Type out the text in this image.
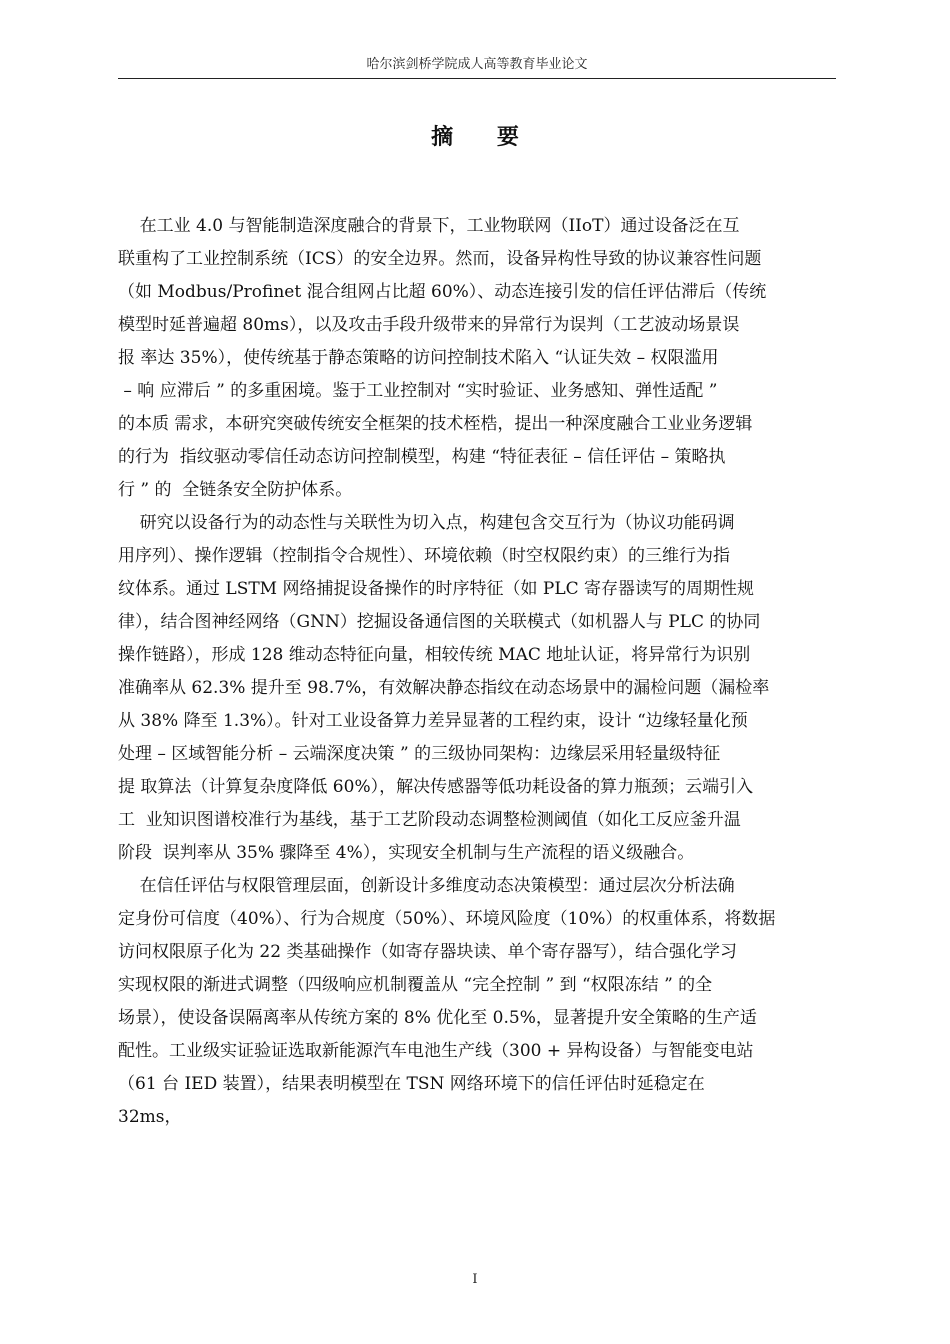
哈尔滨剑桥学院成人高等教育毕业论文
摘 要
在工业 4.0 与智能制造深度融合的背景下，工业物联网（IIoT）通过设备泛在互
联重构了工业控制系统（ICS）的安全边界。然而，设备异构性导致的协议兼容性问题
（如 Modbus/Profinet 混合组网占比超 60%）、动态连接引发的信任评估滞后（传统
模型时延普遍超 80ms），以及攻击手段升级带来的异常行为误判（工艺波动场景误
报 率达 35%），使传统基于静态策略的访问控制技术陷入 “认证失效 – 权限滥用
– 响 应滞后 ” 的多重困境。鉴于工业控制对 “实时验证、业务感知、弹性适配 ”
的本质 需求，本研究突破传统安全框架的技术桎梏，提出一种深度融合工业业务逻辑
的行为  指纹驱动零信任动态访问控制模型，构建 “特征表征 – 信任评估 – 策略执
行 ” 的  全链条安全防护体系。
研究以设备行为的动态性与关联性为切入点，构建包含交互行为（协议功能码调
用序列）、操作逻辑（控制指令合规性）、环境依赖（时空权限约束）的三维行为指
纹体系。通过 LSTM 网络捕捉设备操作的时序特征（如 PLC 寄存器读写的周期性规
律），结合图神经网络（GNN）挖掘设备通信图的关联模式（如机器人与 PLC 的协同
操作链路），形成 128 维动态特征向量，相较传统 MAC 地址认证，将异常行为识别
准确率从 62.3% 提升至 98.7%，有效解决静态指纹在动态场景中的漏检问题（漏检率
从 38% 降至 1.3%）。针对工业设备算力差异显著的工程约束，设计 “边缘轻量化预
处理 – 区域智能分析 – 云端深度决策 ” 的三级协同架构：边缘层采用轻量级特征
提 取算法（计算复杂度降低 60%），解决传感器等低功耗设备的算力瓶颈；云端引入
工  业知识图谱校准行为基线，基于工艺阶段动态调整检测阈值（如化工反应釜升温
阶段  误判率从 35% 骤降至 4%），实现安全机制与生产流程的语义级融合。
在信任评估与权限管理层面，创新设计多维度动态决策模型：通过层次分析法确
定身份可信度（40%）、行为合规度（50%）、环境风险度（10%）的权重体系，将数据
访问权限原子化为 22 类基础操作（如寄存器块读、单个寄存器写），结合强化学习
实现权限的渐进式调整（四级响应机制覆盖从 “完全控制 ” 到 “权限冻结 ” 的全
场景），使设备误隔离率从传统方案的 8% 优化至 0.5%，显著提升安全策略的生产适
配性。工业级实证验证选取新能源汽车电池生产线（300 + 异构设备）与智能变电站
（61 台 IED 装置），结果表明模型在 TSN 网络环境下的信任评估时延稳定在
32ms，
I
